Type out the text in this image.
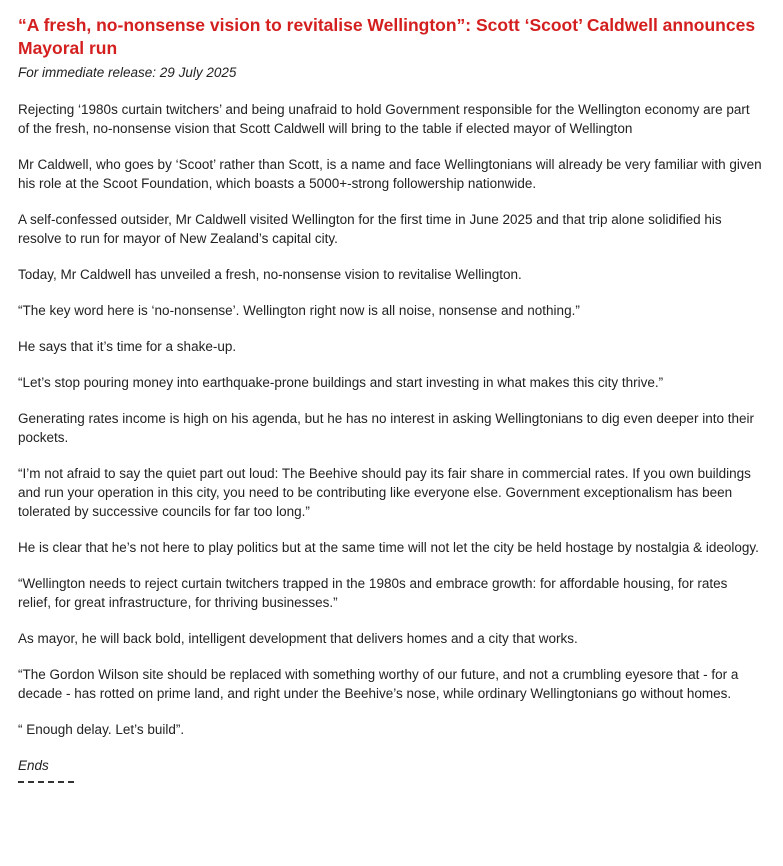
“A fresh, no-nonsense vision to revitalise Wellington”: Scott ‘Scoot’ Caldwell announces Mayoral run
For immediate release: 29 July 2025

Rejecting ‘1980s curtain twitchers’ and being unafraid to hold Government responsible for the Wellington economy are part of the fresh, no-nonsense vision that Scott Caldwell will bring to the table if elected mayor of Wellington

Mr Caldwell, who goes by ‘Scoot’ rather than Scott, is a name and face Wellingtonians will already be very familiar with given his role at the Scoot Foundation, which boasts a 5000+-strong followership nationwide.

A self-confessed outsider, Mr Caldwell visited Wellington for the first time in June 2025 and that trip alone solidified his resolve to run for mayor of New Zealand’s capital city.

Today, Mr Caldwell has unveiled a fresh, no-nonsense vision to revitalise Wellington.

“The key word here is ‘no-nonsense’. Wellington right now is all noise, nonsense and nothing.”

He says that it’s time for a shake-up.

“Let’s stop pouring money into earthquake-prone buildings and start investing in what makes this city thrive.”

Generating rates income is high on his agenda, but he has no interest in asking Wellingtonians to dig even deeper into their pockets.

“I’m not afraid to say the quiet part out loud: The Beehive should pay its fair share in commercial rates. If you own buildings and run your operation in this city, you need to be contributing like everyone else. Government exceptionalism has been tolerated by successive councils for far too long.”

He is clear that he’s not here to play politics but at the same time will not let the city be held hostage by nostalgia & ideology.

“Wellington needs to reject curtain twitchers trapped in the 1980s and embrace growth: for affordable housing, for rates relief, for great infrastructure, for thriving businesses.”

As mayor, he will back bold, intelligent development that delivers homes and a city that works.

“The Gordon Wilson site should be replaced with something worthy of our future, and not a crumbling eyesore that - for a decade - has rotted on prime land, and right under the Beehive’s nose, while ordinary Wellingtonians go without homes.

“ Enough delay. Let’s build”.

Ends
